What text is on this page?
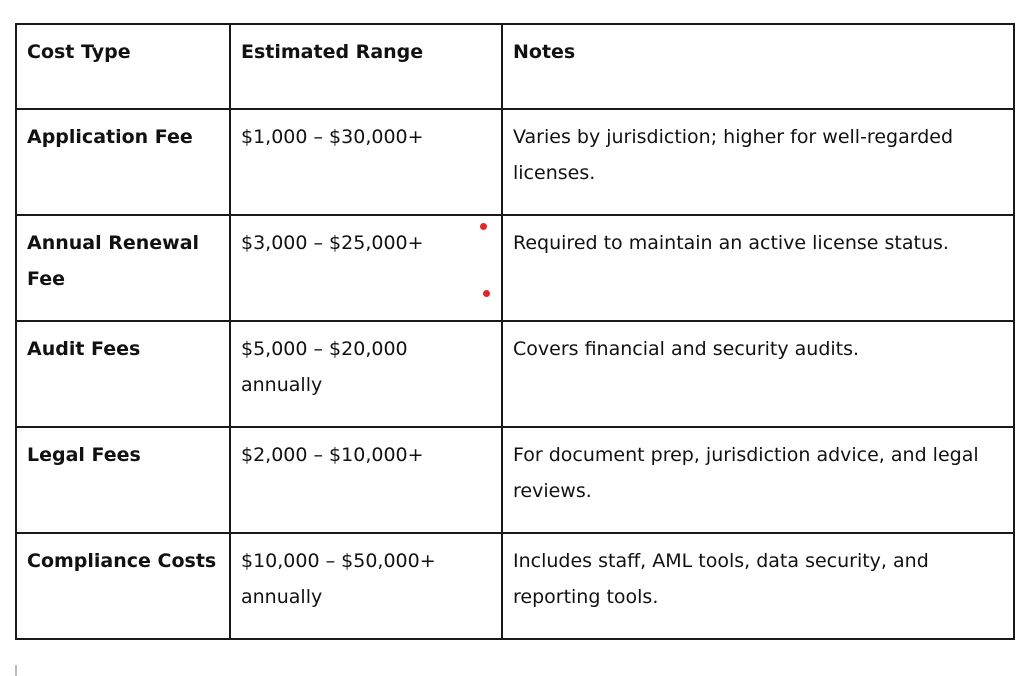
Cost Type	Estimated Range	Notes
Application Fee	$1,000 – $30,000+	Varies by jurisdiction; higher for well-regarded licenses.
Annual Renewal Fee	$3,000 – $25,000+	Required to maintain an active license status.
Audit Fees	$5,000 – $20,000 annually	Covers financial and security audits.
Legal Fees	$2,000 – $10,000+	For document prep, jurisdiction advice, and legal reviews.
Compliance Costs	$10,000 – $50,000+ annually	Includes staff, AML tools, data security, and reporting tools.
